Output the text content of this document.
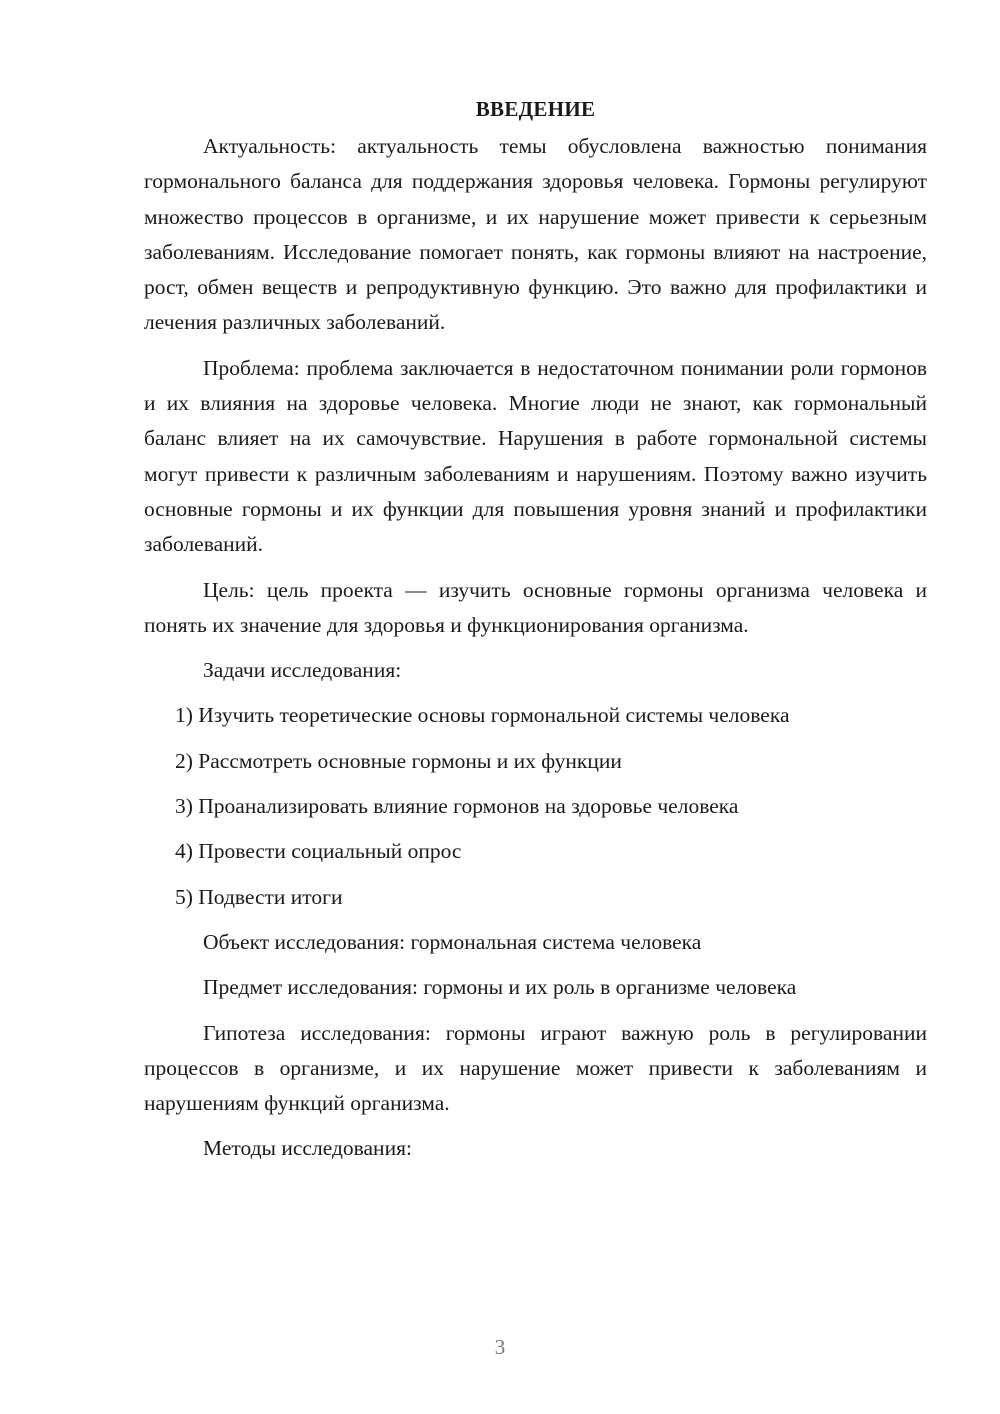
ВВЕДЕНИЕ
Актуальность: актуальность темы обусловлена важностью понимания гормонального баланса для поддержания здоровья человека. Гормоны регулируют множество процессов в организме, и их нарушение может привести к серьезным заболеваниям. Исследование помогает понять, как гормоны влияют на настроение, рост, обмен веществ и репродуктивную функцию. Это важно для профилактики и лечения различных заболеваний.
Проблема: проблема заключается в недостаточном понимании роли гормонов и их влияния на здоровье человека. Многие люди не знают, как гормональный баланс влияет на их самочувствие. Нарушения в работе гормональной системы могут привести к различным заболеваниям и нарушениям. Поэтому важно изучить основные гормоны и их функции для повышения уровня знаний и профилактики заболеваний.
Цель: цель проекта — изучить основные гормоны организма человека и понять их значение для здоровья и функционирования организма.
Задачи исследования:
1) Изучить теоретические основы гормональной системы человека
2) Рассмотреть основные гормоны и их функции
3) Проанализировать влияние гормонов на здоровье человека
4) Провести социальный опрос
5) Подвести итоги
Объект исследования: гормональная система человека
Предмет исследования: гормоны и их роль в организме человека
Гипотеза исследования: гормоны играют важную роль в регулировании процессов в организме, и их нарушение может привести к заболеваниям и нарушениям функций организма.
Методы исследования:
3
